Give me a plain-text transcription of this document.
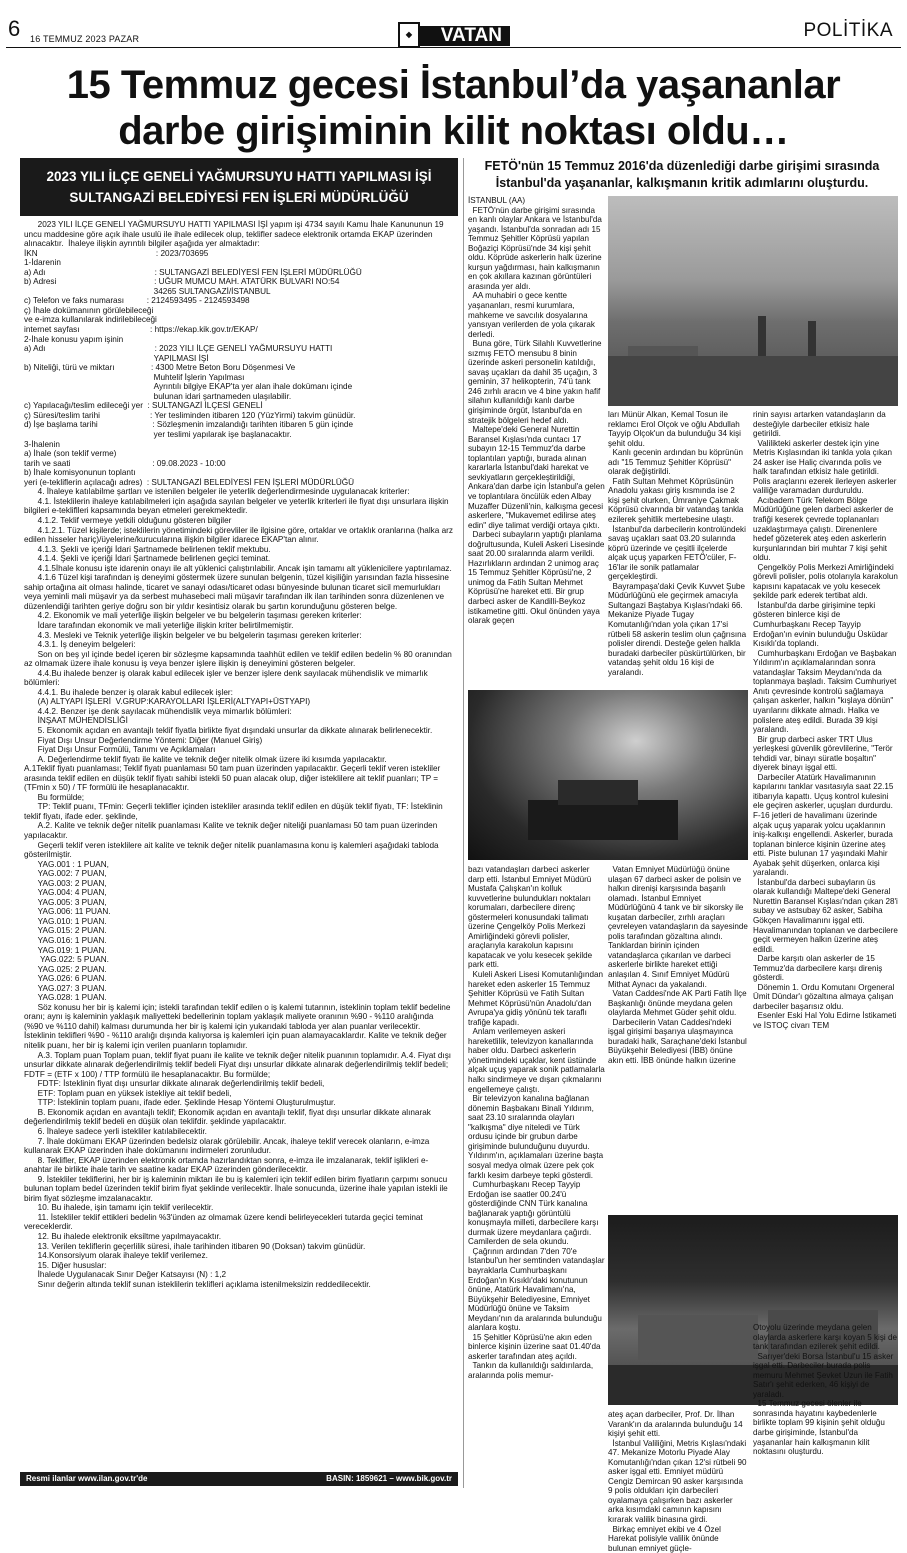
6 16 TEMMUZ 2023 PAZAR	VATAN
◆	POLİTİKA
15 Temmuz gecesi İstanbul’da yaşananlar
darbe girişiminin kilit noktası oldu…
2023 YILI İLÇE GENELİ YAĞMURSUYU HATTI YAPILMASI İŞİ
SULTANGAZİ BELEDİYESİ FEN İŞLERİ MÜDÜRLÜĞÜ
2023 YILI İLÇE GENELİ YAĞMURSUYU HATTI YAPILMASI İŞİ yapım işi 4734 sayılı Kamu İhale Kanununun 19 uncu maddesine göre açık ihale usulü ile ihale edilecek olup, teklifler sadece elektronik ortamda EKAP üzerinden alınacaktır.  İhaleye ilişkin ayrıntılı bilgiler aşağıda yer almaktadır:
İKN                                                    : 2023/703695
1-İdarenin
a) Adı                                                : SULTANGAZİ BELEDİYESİ FEN İŞLERİ MÜDÜRLÜĞÜ
b) Adresi                                           : UĞUR MUMCU MAH. ATATÜRK BULVARI NO:54
34265 SULTANGAZİ/İSTANBUL
c) Telefon ve faks numarası          : 2124593495 - 2124593498
ç) İhale dokümanının görülebileceği
ve e-imza kullanılarak indirilebileceği
internet sayfası                               : https://ekap.kik.gov.tr/EKAP/
2-İhale konusu yapım işinin
a) Adı                                                : 2023 YILI İLÇE GENELİ YAĞMURSUYU HATTI
YAPILMASI İŞİ
b) Niteliği, türü ve miktarı                : 4300 Metre Beton Boru Döşenmesi Ve
Muhtelif İşlerin Yapılması
Ayrıntılı bilgiye EKAP'ta yer alan ihale dokümanı içinde
bulunan idari şartnameden ulaşılabilir.
c) Yapılacağı/teslim edileceği yer  : SULTANGAZİ İLÇESİ GENELİ
ç) Süresi/teslim tarihi                      : Yer tesliminden itibaren 120 (YüzYirmi) takvim günüdür.
d) İşe başlama tarihi                        : Sözleşmenin imzalandığı tarihten itibaren 5 gün içinde
yer teslimi yapılarak işe başlanacaktır.
3-İhalenin
a) İhale (son teklif verme)
tarih ve saati                                    : 09.08.2023 - 10:00
b) İhale komisyonunun toplantı
yeri (e-tekliflerin açılacağı adres)  : SULTANGAZİ BELEDİYESİ FEN İŞLERİ MÜDÜRLÜĞÜ
4. İhaleye katılabilme şartları ve istenilen belgeler ile yeterlik değerlendirmesinde uygulanacak kriterler:
4.1. İsteklilerin ihaleye katılabilmeleri için aşağıda sayılan belgeler ve yeterlik kriterleri ile fiyat dışı unsurlara ilişkin bilgileri e-tekliflleri kapsamında beyan etmeleri gerekmektedir.
4.1.2. Teklif vermeye yetkili olduğunu gösteren bilgiler
4.1.2.1. Tüzel kişilerde; isteklilerin yönetimindeki görevliler ile ilgisine göre, ortaklar ve ortaklık oranlarına (halka arz edilen hisseler hariç)/üyelerine/kurucularına ilişkin bilgiler idarece EKAP'tan alınır.
4.1.3. Şekli ve içeriği İdari Şartnamede belirlenen teklif mektubu.
4.1.4. Şekli ve içeriği İdari Şartnamede belirlenen geçici teminat.
4.1.5İhale konusu işte idarenin onayı ile alt yüklenici çalıştırılabilir. Ancak işin tamamı alt yüklenicilere yaptırılamaz.
4.1.6 Tüzel kişi tarafından iş deneyimi göstermek üzere sunulan belgenin, tüzel kişiliğin yarısından fazla hissesine sahip ortağına ait olması halinde, ticaret ve sanayi odası/ticaret odası bünyesinde bulunan ticaret sicil memurlukları veya yeminli mali müşavir ya da serbest muhasebeci mali müşavir tarafından ilk ilan tarihinden sonra düzenlenen ve düzenlendiği tarihten geriye doğru son bir yıldır kesintisiz olarak bu şartın korunduğunu gösteren belge.
4.2. Ekonomik ve mali yeterliğe ilişkin belgeler ve bu belgelerin taşıması gereken kriterler:
İdare tarafından ekonomik ve mali yeterliğe ilişkin kriter belirtilmemiştir.
4.3. Mesleki ve Teknik yeterliğe ilişkin belgeler ve bu belgelerin taşıması gereken kriterler:
4.3.1. İş deneyim belgeleri:
Son on beş yıl içinde bedel içeren bir sözleşme kapsamında taahhüt edilen ve teklif edilen bedelin % 80 oranından az olmamak üzere ihale konusu iş veya benzer işlere ilişkin iş deneyimini gösteren belgeler.
4.4.Bu ihalede benzer iş olarak kabul edilecek işler ve benzer işlere denk sayılacak mühendislik ve mimarlık bölümleri:
4.4.1. Bu ihalede benzer iş olarak kabul edilecek işler:
(A) ALTYAPI İŞLERİ  V.GRUP:KARAYOLLARI İŞLERİ(ALTYAPI+ÜSTYAPI)
4.4.2. Benzer işe denk sayılacak mühendislik veya mimarlık bölümleri:
İNŞAAT MÜHENDİSLİĞİ
5. Ekonomik açıdan en avantajlı teklif fiyatla birlikte fiyat dışındaki unsurlar da dikkate alınarak belirlenecektir.
Fiyat Dışı Unsur Değerlendirme Yöntemi: Diğer (Manuel Giriş)
Fiyat Dışı Unsur Formülü, Tanımı ve Açıklamaları
A. Değerlendirme teklif fiyatı ile kalite ve teknik değer nitelik olmak üzere iki kısımda yapılacaktır.
A.1Teklif fiyatı puanlaması; Teklif fiyatı puanlaması 50 tam puan üzerinden yapılacaktır. Geçerli teklif veren istekliler arasında teklif edilen en düşük teklif fiyatı sahibi istekli 50 puan alacak olup, diğer isteklilere ait teklif puanları; TP = (TFmin x 50) / TF formülü ile hesaplanacaktır.
Bu formülde;
TP: Teklif puanı, TFmin: Geçerli teklifler içinden istekliler arasında teklif edilen en düşük teklif fiyatı, TF: İsteklinin teklif fiyatı, ifade eder. şeklinde,
A.2. Kalite ve teknik değer nitelik puanlaması Kalite ve teknik değer niteliği puanlaması 50 tam puan üzerinden yapılacaktır.
Geçerli teklif veren isteklilere ait kalite ve teknik değer nitelik puanlamasına konu iş kalemleri aşağıdaki tabloda gösterilmiştir.
YAG.001 : 1 PUAN,
YAG.002: 7 PUAN,
YAG.003: 2 PUAN,
YAG.004: 4 PUAN,
YAG.005: 3 PUAN,
YAG.006: 11 PUAN.
YAG.010: 1 PUAN.
YAG.015: 2 PUAN.
YAG.016: 1 PUAN.
YAG.019: 1 PUAN.
YAG.022: 5 PUAN.
YAG.025: 2 PUAN.
YAG.026: 6 PUAN.
YAG.027: 3 PUAN.
YAG.028: 1 PUAN.
Söz konusu her bir iş kalemi için; istekli tarafından teklif edilen o iş kalemi tutarının, isteklinin toplam teklif bedeline oranı; aynı iş kaleminin yaklaşık maliyetteki bedellerinin toplam yaklaşık maliyete oranının %90 - %110 aralığında (%90 ve %110 dahil) kalması durumunda her bir iş kalemi için yukarıdaki tabloda yer alan puanlar verilecektir. İsteklinin teklifleri %90 - %110 aralığı dışında kalıyorsa iş kalemleri için puan alamayacaklardır. Kalite ve teknik değer nitelik puanı, her bir iş kalemi için verilen puanların toplamıdır.
A.3. Toplam puan Toplam puan, teklif fiyat puanı ile kalite ve teknik değer nitelik puanının toplamıdır. A.4. Fiyat dışı unsurlar dikkate alınarak değerlendirilmiş teklif bedeli Fiyat dışı unsurlar dikkate alınarak değerlendirilmiş teklif bedeli; FDTF = (ETF x 100) / TTP formülü ile hesaplanacaktır. Bu formülde;
FDTF: İsteklinin fiyat dışı unsurlar dikkate alınarak değerlendirilmiş teklif bedeli,
ETF: Toplam puan en yüksek istekliye ait teklif bedeli,
TTP: İsteklinin toplam puanı, ifade eder. Şeklinde Hesap Yöntemi Oluşturulmuştur.
B. Ekonomik açıdan en avantajlı teklif; Ekonomik açıdan en avantajlı teklif, fiyat dışı unsurlar dikkate alınarak değerlendirilmiş teklif bedeli en düşük olan teklifdir. şeklinde yapılacaktır.
6. İhaleye sadece yerli istekliler katılabilecektir.
7. İhale dokümanı EKAP üzerinden bedelsiz olarak görülebilir. Ancak, ihaleye teklif verecek olanların, e-imza kullanarak EKAP üzerinden ihale dokümanını indirmeleri zorunludur.
8. Teklifler, EKAP üzerinden elektronik ortamda hazırlandıktan sonra, e-imza ile imzalanarak, teklif işlikleri e-anahtar ile birlikte ihale tarih ve saatine kadar EKAP üzerinden gönderilecektir.
9. İstekliler tekliflerini, her bir iş kaleminin miktarı ile bu iş kalemleri için teklif edilen birim fiyatların çarpımı sonucu bulunan toplam bedel üzerinden teklif birim fiyat şeklinde verilecektir. İhale sonucunda, üzerine ihale yapılan istekli ile birim fiyat sözleşme imzalanacaktır.
10. Bu ihalede, işin tamamı için teklif verilecektir.
11. İstekliler teklif ettikleri bedelin %3'ünden az olmamak üzere kendi belirleyecekleri tutarda geçici teminat vereceklerdir.
12. Bu ihalede elektronik eksiltme yapılmayacaktır.
13. Verilen tekliflerin geçerlilik süresi, ihale tarihinden itibaren 90 (Doksan) takvim günüdür.
14.Konsorsiyum olarak ihaleye teklif verilemez.
15. Diğer hususlar:
İhalede Uygulanacak Sınır Değer Katsayısı (N) : 1,2
Sınır değerin altında teklif sunan isteklilerin teklifleri açıklama istenilmeksizin reddedilecektir.
Resmi ilanlar www.ilan.gov.tr'de	BASIN: 1859621 – www.bik.gov.tr
FETÖ'nün 15 Temmuz 2016'da düzenlediği darbe girişimi sırasında İstanbul'da yaşananlar, kalkışmanın kritik adımlarını oluşturdu.
İSTANBUL (AA)
FETÖ'nün darbe girişimi sırasında en kanlı olaylar Ankara ve İstanbul'da yaşandı. İstanbul'da sonradan adı 15 Temmuz Şehitler Köprüsü yapılan Boğaziçi Köprüsü'nde 34 kişi şehit oldu. Köprüde askerlerin halk üzerine kurşun yağdırması, hain kalkışmanın en çok akıllara kazınan görüntüleri arasında yer aldı.
AA muhabiri o gece kentte yaşananları, resmi kurumlara, mahkeme ve savcılık dosyalarına yansıyan verilerden de yola çıkarak derledi.
Buna göre, Türk Silahlı Kuvvetlerine sızmış FETÖ mensubu 8 binin üzerinde askeri personelin katıldığı, savaş uçakları da dahil 35 uçağın, 3 gemi̇nin, 37 helikopterin, 74'ü tank 246 zırhlı aracın ve 4 bine yakın hafif silahın kullanıldığı kanlı darbe girişiminde örgüt, İstanbul'da en stratejik bölgeleri hedef aldı.
Maltepe'deki General Nurettin Baransel Kışlası'nda cuntacı 17 subayın 12-15 Temmuz'da darbe toplantıları yaptığı, burada alınan kararlarla İstanbul'daki harekat ve sevkiyatların gerçekleştirildiği, Ankara'dan darbe için İstanbul'a gelen ve toplantılara öncülük eden Albay Muzaffer Düzenli'nin, kalkışma gecesi askerlere, "Mukavemet edilirse ateş edin" diye talimat verdiği ortaya çıktı.
Darbeci subayların yaptığı planlama doğrultusunda, Kuleli Askeri Lisesinde saat 20.00 sıralarında alarm verildi. Hazırlıkların ardından 2 unimog araç 15 Temmuz Şehitler Köprüsü'ne, 2 unimog da Fatih Sultan Mehmet Köprüsü'ne hareket etti. Bir grup darbeci asker de Kandilli-Beykoz istikametine gitti. Okul önünden yaya olarak geçen
ları Münür Alkan, Kemal Tosun ile reklamcı Erol Olçok ve oğlu Abdullah Tayyip Olçok'un da bulunduğu 34 kişi şehit oldu.
Kanlı gecenin ardından bu köprünün adı "15 Temmuz Şehitler Köprüsü" olarak değiştirildi.
Fatih Sultan Mehmet Köprüsünün Anadolu yakası giriş kısmında ise 2 kişi şehit olurken, Ümraniye Çakmak Köprüsü civarında bir vatandaş tankla ezilerek şehitlik mertebesine ulaştı.
İstanbul'da darbecilerin kontrolündeki savaş uçakları saat 03.20 sularında köprü üzerinde ve çeşitli ilçelerde alçak uçuş yaparken FETÖ'cüler, F-16'lar ile sonik patlamalar gerçekleştirdi.
Bayrampaşa'daki Çevik Kuvvet Şube Müdürlüğünü ele geçirmek amacıyla Sultangazi Baştabya Kışlası'ndaki 66. Mekanize Piyade Tugay Komutanlığı'ndan yola çıkan 17'si rütbeli 58 askerin teslim olun çağrısına polisler direndi. Desteğe gelen halkla buradaki darbeciler püskürtülürken, bir vatandaş şehit oldu 16 kişi de yaralandı.
rinin sayısı artarken vatandaşların da desteğiyle darbeciler etkisiz hale getirildi.
Valilikteki askerler destek için yine Metris Kışlasından iki tankla yola çıkan 24 asker ise Haliç civarında polis ve halk tarafından etkisiz hale getirildi. Polis araçlarını ezerek ilerleyen askerler valiliğe varamadan durduruldu.
Acıbadem Türk Telekom Bölge Müdürlüğüne gelen darbeci askerler de trafiği keserek çevrede toplananları uzaklaştırmaya çalıştı. Direnenlere hedef gözeterek ateş eden askerlerin kurşunlarından biri muhtar 7 kişi şehit oldu.
Çengelköy Polis Merkezi Amirliğindeki görevli polisler, polis otolarıyla karakolun kapısını kapatacak ve yolu kesecek şekilde park ederek tertibat aldı.
İstanbul'da darbe girişimine tepki gösteren binlerce kişi de Cumhurbaşkanı Recep Tayyip Erdoğan'ın evinin bulunduğu Üsküdar Kısıklı'da toplandı.
Cumhurbaşkanı Erdoğan ve Başbakan Yıldırım'ın açıklamalarından sonra vatandaşlar Taksim Meydanı'nda da toplanmaya başladı. Taksim Cumhuriyet Anıtı çevresinde kontrolü sağlamaya çalışan askerler, halkın "kışlaya dönün" uyarılarını dikkate almadı. Halka ve polislere ateş edildi. Burada 39 kişi yaralandı.
Bir grup darbeci asker TRT Ulus yerleşkesi güvenlik görevlilerine, "Terör tehdidi var, binayı süratle boşaltın" diyerek binayı işgal etti.
Darbeciler Atatürk Havalimanının kapılarını tanklar vasıtasıyla saat 22.15 itibarıyla kapattı. Uçuş kontrol kulesini ele geçiren askerler, uçuşları durdurdu. F-16 jetleri de havalimanı üzerinde alçak uçuş yaparak yolcu uçaklarının iniş-kalkışı engellendi. Askerler, burada toplanan binlerce kişinin üzerine ateş etti. Piste bulunan 17 yaşındaki Mahir Ayabak şehit düşerken, onlarca kişi yaralandı.
İstanbul'da darbeci subayların üs olarak kullandığı Maltepe'deki General Nurettin Baransel Kışlası'ndan çıkan 28'i subay ve astsubay 62 asker, Sabiha Gökçen Havalimanını işgal etti. Havalimanından toplanan ve darbecilere geçit vermeyen halkın üzerine ateş edildi.
Darbe karşıtı olan askerler de 15 Temmuz'da darbecilere karşı direniş gösterdi.
Dönemin 1. Ordu Komutanı Orgeneral Ümit Dündar'ı gözaltına almaya çalışan darbeciler başarısız oldu.
Esenler Eski Hal Yolu Edirne İstikameti ve İSTOÇ civarı TEM
bazı vatandaşları darbeci askerler darp etti. İstanbul Emniyet Müdürü Mustafa Çalışkan'ın kolluk kuvvetlerine bulundukları noktaları korumaları, darbecilere direnç göstermeleri konusundaki talimatı üzerine Çengelköy Polis Merkezi Amirliğindeki görevli polisler, araçlarıyla karakolun kapısını kapatacak ve yolu kesecek şekilde park etti.
Kuleli Askeri Lisesi Komutanlığından hareket eden askerler 15 Temmuz Şehitler Köprüsü ve Fatih Sultan Mehmet Köprüsü'nün Anadolu'dan Avrupa'ya gidiş yönünü tek taraflı trafiğe kapadı.
Anlam verilemeyen askeri hareketlilik, televizyon kanallarında haber oldu. Darbeci askerlerin yönetimindeki uçaklar, kent üstünde alçak uçuş yaparak sonik patlamalarla halkı sindirmeye ve dışarı çıkmalarını engellemeye çalıştı.
Bir televizyon kanalına bağlanan dönemin Başbakanı Binali Yıldırım, saat 23.10 sıralarında olayları "kalkışma" diye niteledi ve Türk ordusu içinde bir grubun darbe girişiminde bulunduğunu duyurdu. Yıldırım'ın, açıklamaları üzerine başta sosyal medya olmak üzere pek çok farklı kesim darbeye tepki gösterdi.
Cumhurbaşkanı Recep Tayyip Erdoğan ise saatler 00.24'ü gösterdiğinde CNN Türk kanalına bağlanarak yaptığı görüntülü konuşmayla milleti, darbecilere karşı durmak üzere meydanlara çağırdı. Camilerden de sela okundu.
Çağrının ardından 7'den 70'e İstanbul'un her semtinden vatandaşlar bayraklarla Cumhurbaşkanı Erdoğan'ın Kısıklı'daki konutunun önüne, Atatürk Havalimanı'na, Büyükşehir Belediyesine, Emniyet Müdürlüğü önüne ve Taksim Meydanı'nın da aralarında bulunduğu alanlara koştu.
15 Şehitler Köprüsü'ne akın eden binlerce kişinin üzerine saat 01.40'da askerler tarafından ateş açıldı.
Tankın da kullanıldığı saldırılarda, aralarında polis memur-
Vatan Emniyet Müdürlüğü önüne ulaşan 67 darbeci asker de polisin ve halkın direnişi karşısında başarılı olamadı. İstanbul Emniyet Müdürlüğünü 4 tank ve bir sikorsky ile kuşatan darbeciler, zırhlı araçları çevreleyen vatandaşların da sayesinde polis tarafından gözaltına alındı. Tanklardan birinin içinden vatandaşlarca çıkarılan ve darbeci askerlerle birlikte hareket ettiği anlaşılan 4. Sınıf Emniyet Müdürü Mithat Aynacı da yakalandı.
Vatan Caddesi'nde AK Parti Fatih İlçe Başkanlığı önünde meydana gelen olaylarda Mehmet Güder şehit oldu.
Darbecilerin Vatan Caddesi'ndeki işgal girişimi başarıya ulaşmayınca buradaki halk, Saraçhane'deki İstanbul Büyükşehir Belediyesi (İBB) önüne akın etti. İBB önünde halkın üzerine
ateş açan darbeciler, Prof. Dr. İlhan Varank'ın da aralarında bulunduğu 14 kişiyi şehit etti.
İstanbul Valiliğini, Metris Kışlası'ndaki 47. Mekanize Motorlu Piyade Alay Komutanlığı'ndan çıkan 12'si rütbeli 90 asker işgal etti. Emniyet müdürü Cengiz Demircan 90 asker karşısında 9 polis oldukları için darbecileri oyalamaya çalışırken bazı askerler arka kısımdaki camının kapısını kırarak valilik binasına girdi.
Birkaç emniyet ekibi ve 4 Özel Harekat polisiyle valilik önünde bulunan emniyet güçle-
Otoyolu üzerinde meydana gelen olaylarda askerlere karşı koyan 5 kişi de tank tarafından ezilerek şehit edildi.
Sarıyer'deki Borsa İstanbul'u 15 asker işgal etti. Darbeciler burada polis memuru Mehmet Şevket Uzun ile Fatih Satır'ı şehit ederken, 46 kişiyi de yaraladı.
15 Temmuz gecesi ölenler ile sonrasında hayatını kaybedenlerle birlikte toplam 99 kişinin şehit olduğu darbe girişiminde, İstanbul'da yaşananlar hain kalkışmanın kilit noktasını oluşturdu.
